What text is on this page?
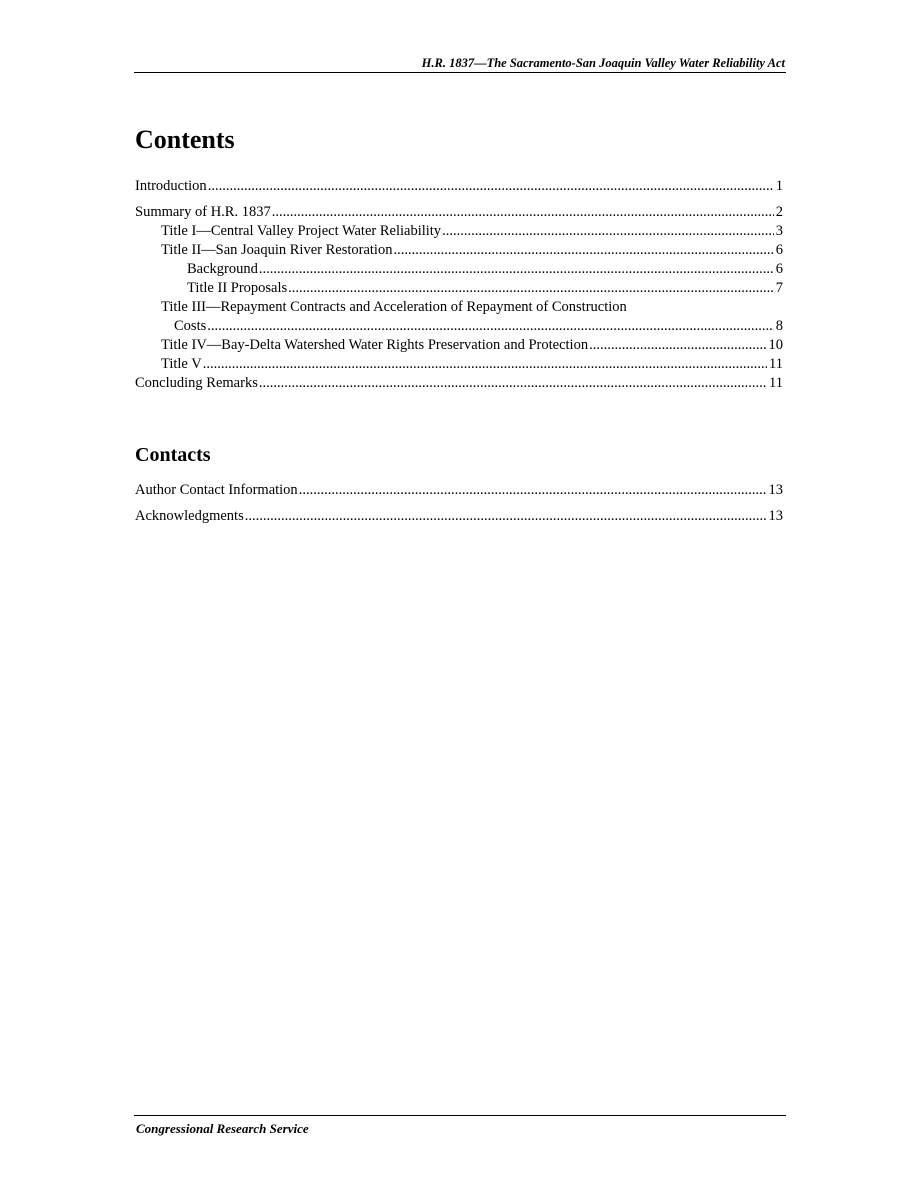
H.R. 1837—The Sacramento-San Joaquin Valley Water Reliability Act
Contents
Introduction .....	1
Summary of H.R. 1837 .....	2
Title I—Central Valley Project Water Reliability .....	3
Title II—San Joaquin River Restoration .....	6
Background .....	6
Title II Proposals .....	7
Title III—Repayment Contracts and Acceleration of Repayment of Construction
Costs .....	8
Title IV—Bay-Delta Watershed Water Rights Preservation and Protection .....	10
Title V .....	11
Concluding Remarks .....	11
Contacts
Author Contact Information .....	13
Acknowledgments .....	13
Congressional Research Service
